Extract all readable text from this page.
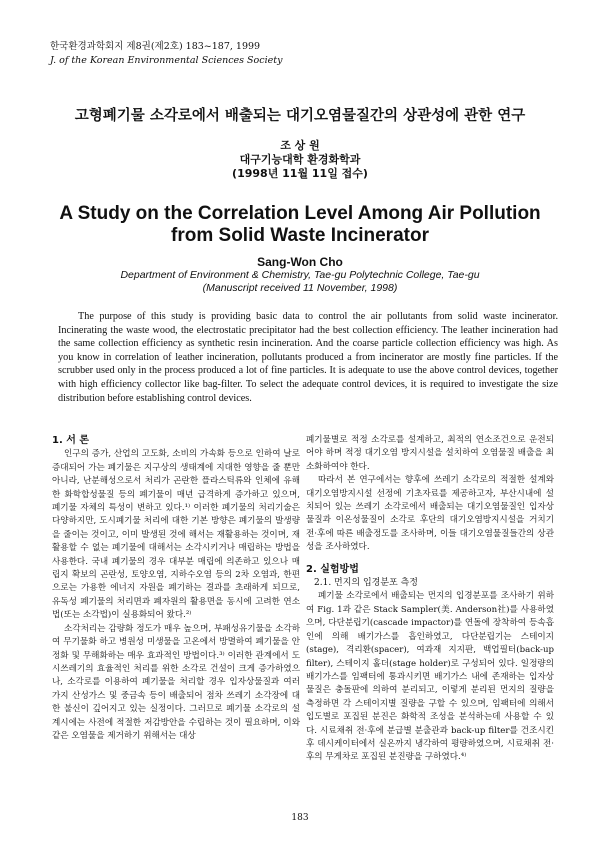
한국환경과학회지 제8권(제2호) 183~187, 1999
J. of the Korean Environmental Sciences Society
고형폐기물 소각로에서 배출되는 대기오염물질간의 상관성에 관한 연구
조 상 원
대구기능대학 환경화학과
(1998년 11월 11일 접수)
A Study on the Correlation Level Among Air Pollution
from Solid Waste Incinerator
Sang-Won Cho
Department of Environment & Chemistry, Tae-gu Polytechnic College, Tae-gu
(Manuscript received 11 November, 1998)
The purpose of this study is providing basic data to control the air pollutants from solid waste incinerator. Incinerating the waste wood, the electrostatic precipitator had the best collection efficiency. The leather incineration had the same collection efficiency as synthetic resin incineration. And the coarse particle collection efficiency was high. As you know in correlation of leather incineration, pollutants produced a from incinerator are mostly fine particles. If the scrubber used only in the process produced a lot of fine particles. It is adequate to use the above control devices, together with high efficiency collector like bag-filter. To select the adequate control devices, it is required to investigate the size distribution before establishing control devices.
1. 서 론

인구의 증가, 산업의 고도화, 소비의 가속화 등으로 인하여 날로 증대되어 가는 폐기물은 지구상의 생태계에 지대한 영향을 줄 뿐만 아니라, 난분해성으로서 처리가 곤란한 플라스틱류와 인체에 유해한 화학합성물질 등의 폐기물이 매년 급격하게 증가하고 있으며, 폐기물 자체의 특성이 변하고 있다.¹⁾ 이러한 폐기물의 처리기술은 다양하지만, 도시폐기물 처리에 대한 기본 방향은 폐기물의 발생량을 줄이는 것이고, 이미 발생된 것에 해서는 재활용하는 것이며, 재활용할 수 없는 폐기물에 대해서는 소각시키거나 매립하는 방법을 사용한다. 국내 폐기물의 경우 대부분 매립에 의존하고 있으나 매립지 확보의 곤란성, 토양오염, 지하수오염 등의 2차 오염과, 한편으로는 가용한 에너지 자원을 폐기하는 결과를 초래하게 되므로, 유독성 폐기물의 처리면과 폐자원의 활용면을 동시에 고려한 연소법(또는 소각법)이 실용화되어 왔다.²⁾

소각처리는 감량화 정도가 매우 높으며, 부패성유기물을 소각하여 무기물화 하고 병원성 미생물을 고온에서 방멸하여 폐기물을 안정화 및 무해화하는 매우 효과적인 방법이다.³⁾ 이러한 관계에서 도시쓰레기의 효율적인 처리를 위한 소각로 건설이 크게 증가하였으나, 소각로를 이용하여 폐기물을 처리할 경우 입자상물질과 여러 가지 산성가스 및 중금속 등이 배출되어 점차 쓰레기 소각장에 대한 불신이 깊어지고 있는 실정이다. 그러므로 폐기물 소각로의 설계시에는 사전에 적절한 저감방안을 수립하는 것이 필요하며, 이와 같은 오염물을 제거하기 위해서는 대상

폐기물별로 적정 소각로를 설계하고, 최적의 연소조건으로 운전되어야 하며 적정 대기오염 방지시설을 설치하여 오염물질 배출을 최소화하여야 한다.

따라서 본 연구에서는 향후에 쓰레기 소각로의 적절한 설계와 대기오염방지시설 선정에 기초자료를 제공하고자, 부산시내에 설치되어 있는 쓰레기 소각로에서 배출되는 대기오염물질인 입자상물질과 이온성물질이 소각로 후단의 대기오염방지시설을 거치기 전·후에 따른 배출정도를 조사하며, 이들 대기오염물질들간의 상관성을 조사하였다.

2. 실험방법
2.1. 먼지의 입경분포 측정

폐기물 소각로에서 배출되는 먼지의 입경분포를 조사하기 위하여 Fig. 1과 같은 Stack Sampler(美. Anderson社)를 사용하였으며, 다단분립기(cascade impactor)를 연돌에 장착하여 등속흡인에 의해 배기가스를 흡인하였고, 다단분립기는 스테이지(stage), 격리환(spacer), 여과재 지지판, 백업필터(back-up filter), 스테이지 홀더(stage holder)로 구성되어 있다. 일정량의 배기가스를 임팩터에 통과시키면 배기가스 내에 존재하는 입자상물질은 충돌판에 의하여 분리되고, 이렇게 분리된 먼지의 질량을 측정하면 각 스테이지별 질량을 구할 수 있으며, 임팩터에 의해서 입도별로 포집된 분진은 화학적 조성을 분석하는데 사용할 수 있다. 시료채취 전·후에 분급별 분출관과 back-up filter를 건조시킨 후 데시케이터에서 실온까지 냉각하여 평량하였으며, 시료채취 전·후의 무게차로 포집된 분진량을 구하였다.⁴⁾

183
